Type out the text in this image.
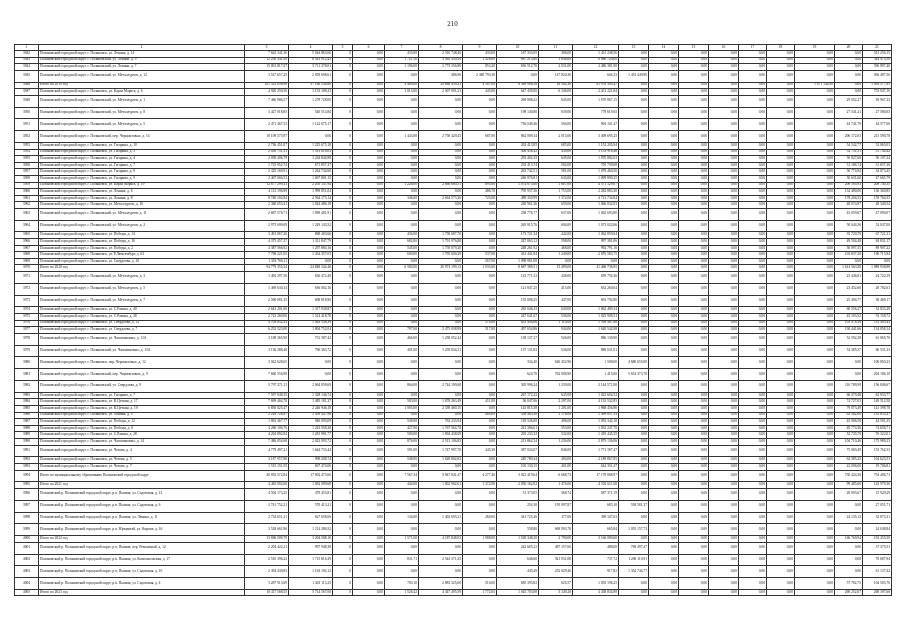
210
1	2	3	4	5	6	7	8	9	10	11	12	13	14	15	16	17	18	19	20	21	
3942	Поляновский городской округ, г. Поляновск, ул. Ленина, д. 14	7 642 341,36	5 044 863,66	0	0,00	433,00	2 310 748,46	433,00	167 333,05	306,00	1 431 248,56	0,00	0,00	0,00	0,00	0,00	0,00	0,00	0,00	541 256,15	
3943	Поляновский городской округ, г. Поляновский, ул. Ленина, д. 9	12 250 341,50	6 543 912,43	0	0,00	1 721,50	3 365 450,50	1 326,00	987 213,60	1 046,00	8 086 720,00	0,00	0,00	0,00	0,00	0,00	0,00	0,00	0,00	344 973,50	
3944	Поляновский городской округ, г. Поляновский, ул. Ленина, д. 7	15 001 817,57	5 711 378,01	0	0,00	1 196,00	3 775 356,80	853,20	656 512,76	2 031,00	2 486 381,90	0,00	0,00	0,00	0,00	0,00	0,00	0,00	0,00	596 897,40	
3945	Поляновский городской округ, г. Поляновский, ул. Металлургов, д. 12	3 527 657,25	2 059 698,61	0	0,00	0,00	486,90	2 380 793,30	0,00	147 820,30	604,33	1 433 449,90	0,00	0,00	0,00	0,00	0,00	0,00	0,00	036 497,56	
3946	Итого по 2019 год	101 314 056,90	37 160 536,80	0	0,00	4 469,00	29 868 439,23	4 167,00	6 389 908,58	18 562,30	61 976 303,47	0,00	0,00	0,00	0,00	0,00	0,00	1 671 144,90	0,00	1 094 577,85	
3947	Поляновский городской округ, г. Поляновск, ул. Карла Маркса, д. 6	4 920 250,56	1 153 188,23	0	0,00	1 013,00	2 307 001,21	445,00	647 439,00	6 346,00	2 431 221,84	0,00	0,00	0,00	0,00	0,00	0,00	0,00	0,00	753 947,10	
3948	Поляновский городской округ, г. Поляновский, ул. Металлургов, д. 1	7 466 986,57	1 278 728,00	0	0,00	0,00	0,00	0,00	269 808,42	645,00	1 670 867,15	0,00	0,00	0,00	0,00	0,00	0,00	0,00	29 052,27	39 967,25	
3950	Поляновский городской округ, г. Поляновский, ул. Металлургов, д. 8	3 427 018,85	540 514,84	0	0,00	0,00	0,00	0,00	198 140,80	639,00	778 619,65	0,00	0,00	0,00	0,00	0,00	0,00	0,00	27 541,21	27 580,05	
3951	Поляновский городской округ, г. Поляновский, ул. Металлургов, д. 5	2 471 467,53	1 122 675,17	0	0,00	0,00	0,00	0,00	756 049,46	594,00	904 101,47	0,00	0,00	0,00	0,00	0,00	0,00	0,00	44 741,79	44 577,60	
3952	Поляновский городской округ, г. Поляновский, пер. Чермонтовых, д. 14	10 109 575,97	0,00	0	0,00	1 443,00	2 758 429,45	687,00	862 009,34	2 015,00	3 409 695,25	0,00	0,00	0,00	0,00	0,00	0,00	0,00	206 172,03	213 590,78	
3953	Поляновский городской округ, г. Поляновск, ул. Гагарина, д. 10	2 736 451,07	1 225 675,18	0	0,00	0,00	0,00	0,00	263 413,85	685,00	1 152 205,94	0,00	0,00	0,00	0,00	0,00	0,00	0,00	54 542,77	52 065,03	
3954	Поляновский городской округ, г. Поляновск, ул. Гагарина, д. 3	2 050 751,31	1 313 016,03	0	0,00	0,00	0,00	0,00	306 458,42	430,00	1 133 916,46	0,00	0,00	0,00	0,00	0,00	0,00	0,00	52 731,51	51 744,42	
3955	Поляновский городской округ, г. Поляновск, ул. Гагарина, д. 4	2 058 406,79	1 234 844,98	0	0,00	0,00	0,00	0,00	292 402,43	645,00	1 070 882,63	0,00	0,00	0,00	0,00	0,00	0,00	0,00	50 027,60	50 107,24	
3956	Поляновский городской округ, г. Поляновск, ул. Гагарина, д. 7	1 725 952,74	671 857,37	0	0,00	0,00	0,00	0,00	233 413,74	502,00	705 739,08	0,00	0,00	0,00	0,00	0,00	0,00	0,00	31 186,74	31 657,26	
3957	Поляновский городской округ, г. Поляновск, ул. Гагарина, д. 8	2 325 160,91	1 262 744,60	0	0,00	0,00	0,00	0,00	263 742,51	581,00	1 078 460,50	0,00	0,00	0,00	0,00	0,00	0,00	0,00	50 774,84	54 873,45	
3958	Поляновский городской округ, г. Поляновск, ул. Гагарина, д. 9	2 407 004,53	1 067 801,15	0	0,00	0,00	0,00	0,00	246 976,81	643,00	1 009 890,25	0,00	0,00	0,00	0,00	0,00	0,00	0,00	50 631,60	47 665,79	
3959	Поляновский городской округ, г. Поляновск, ул. Карла Маркса, д. 19	12 677 299,41	2 205 147,94	0	0,00	1 226,00	2 666 680,51	895,00	1 074 875,00	1 607,00	4 571 129,07	0,00	0,00	0,00	0,00	0,00	0,00	0,00	208 165,93	208 740,35	
3960	Поляновский городской округ, г. Поляновск, ул. Ленина, д. 6	4 113 196,89	1 999 851,04	0	0,00	0,00	0,00	486,70	795 937,36	1 753,00	2 282 883,30	0,00	0,00	0,00	0,00	0,00	0,00	0,00	134 480,00	136 360,85	
3961	Поляновский городской округ, г. Поляновск, ул. Ленина, д. 8	8 740 102,84	2 564 175,14	0	0,00	346,00	2 664 573,36	723,00	489 350,99	1 372,00	4 721 734,84	0,00	0,00	0,00	0,00	0,00	0,00	0,00	178 204,53	178 764,55	
3962	Поляновский городской округ, г. Поляновск, ул. Металлургов, д. 10	2 360 653,41	1 044 486,18	0	0,00	0,00	0,00	0,00	248 961,36	659,00	1 066 032,03	0,00	0,00	0,00	0,00	0,00	0,00	0,00	48 074,87	48 340,54	
3963	Поляновский городской округ, г. Поляновский, ул. Металлургов, д. 11	2 687 576,71	1 099 481,91	0	0,00	0,00	0,00	0,00	238 776,77	637,00	1 062 693,80	0,00	0,00	0,00	0,00	0,00	0,00	0,00	43 059,67	47 090,07	
3964	Поляновский городской округ, г. Поляновский, ул. Металлургов, д. 2	2 975 699,09	1 229 143,52	0	0,00	0,00	0,00	0,00	265 915,76	604,00	1 073 022,66	0,00	0,00	0,00	0,00	0,00	0,00	0,00	50 644,36	52 047,00	
3965	Поляновский городской округ, г. Поляновск, ул. Победы, д. 14	3 491 067,20	868 403,66	0	0,00	436,00	1 758 687,70	0,00	173 721,34	442,00	1 062 859,04	0,00	0,00	0,00	0,00	0,00	0,00	0,00	35 720,79	67 721,31	
3966	Поляновский городской округ, г. Поляновск, ул. Победы, д. 16	4 375 457,37	1 311 847,79	0	0,00	682,00	1 791 976,88	0,00	247 063,12	598,00	997 381,06	0,00	0,00	0,00	0,00	0,00	0,00	0,00	49 504,48	84 831,17	
3967	Поляновский городской округ, г. Поляновск, ул. Победы, д. 2	4 387 566,92	1 297 860,16	0	0,00	545,00	1 739 079,20	0,00	248 261,92	468,00	992 791,16	0,00	0,00	0,00	0,00	0,00	0,00	0,00	50 097,55	89 907,22	
3968	Поляновский городской округ, г. Поляновск, ул. Р.Люксембург, д. 63	7 798 221,05	1 434 357,05	0	0,00	600,00	1 795 600,29	537,00	412 441,84	1 249,00	2 876 583,75	0,00	0,00	0,00	0,00	0,00	0,00	0,00	103 837,20	190 715,84	
3969	Поляновский городской округ, г. Поляновск, ул. Свердлова, д. 10	1 318 766,11	0,00	0	0,00	0,00	0,00	567,00	1 098 961,00	0,00	0,00	0,00	0,00	0,00	0,00	0,00	0,00	0,00	0,00	0,00	
3970	Итого по 2020 год	94 779 355,34	24 848 342,46	0	0,00	6 584,00	20 973 199,13	1 933,60	8 687 389,51	15 499,00	41 466 736,95	0,00	0,00	0,00	0,00	0,00	0,00	0,00	1 614 563,88	1 989 938,88	
3971	Поляновский городской округ, г. Поляновский, ул. Металлургов, д. 3	1 492 297,50	636 472,49	0	0,00	0,00	0,00	0,00	123 771,23	438,00	659 792,36	0,00	0,00	0,00	0,00	0,00	0,00	0,00	23 446,81	24 722,19	
3972	Поляновский городской округ, г. Поляновский, ул. Металлургов, д. 5	1 469 630,34	636 002,16	0	0,00	0,00	0,00	0,00	121 847,25	415,00	652 260,04	0,00	0,00	0,00	0,00	0,00	0,00	0,00	23 452,60	28 782,61	
3973	Поляновский городской округ, г. Поляновский, ул. Металлургов, д. 7	2 500 081,35	608 818,90	0	0,00	0,00	0,00	0,00	135 808,25	447,00	693 792,80	0,00	0,00	0,00	0,00	0,00	0,00	0,00	25 494,77	38 469,17	
3974	Поляновский городской округ, г. Поляновск, ул. С.Разина, д. 40	2 643 201,06	1 317 938,87	0	0,00	0,00	0,00	0,00	265 046,43	640,00	1 062 489,34	0,00	0,00	0,00	0,00	0,00	0,00	0,00	60 556,27	52 833,28	
3975	Поляновский городской округ, г. Поляновск, ул. С.Разина, д. 38	2 723 269,06	1 314 418,78	0	0,00	0,00	0,00	0,00	247 641,67	536,00	1 025 908,31	0,00	0,00	0,00	0,00	0,00	0,00	0,00	45 103,52	53 158,72	
3976	Поляновский городской округ, г. Поляновск, ул. Свердлова, д. 12	4 704 852,43	1 463 538,39	0	0,00	0,00	0,00	574,00	653 494,66	1 110,00	1 599 467,80	0,00	0,00	0,00	0,00	0,00	0,00	0,00	103 478,56	113 493,43	
3977	Поляновский городской округ, г. Поляновск, ул. Свердлова, д. 7	6 233 523,00	1 804 752,04	0	0,00	797,00	2 475 038,99	517,00	497 654,86	944,00	1 620 542,98	0,00	0,00	0,00	0,00	0,00	0,00	0,00	130 441,66	134 058,14	
3978	Поляновский городской округ, г. Поляновск, ул. Чапплиновых, д. 11А	3 108 365,90	731 387,42	0	0,00	466,00	1 238 052,44	0,00	138 137,27	526,00	886 130,90	0,00	0,00	0,00	0,00	0,00	0,00	0,00	52 592,28	61 065,70	
3979	Поляновский городской округ, г. Поляновский, ул. Чапплиновых, д. 13А	3 136 288,40	790 363,72	0	0,00	401,00	1 239 834,31	0,00	137 131,83	536,00	889 031,81	0,00	0,00	0,00	0,00	0,00	0,00	0,00	52 385,37	60 531,33	
3980	Поляновский городской округ, г. Поляновск, пер. Чермонтовых, д. 12	3 042 628,65	0,00	0	0,00	0,00	0,00	0,00	334,40	626 452,96	1 508,00	4 680 655,00	0,00	0,00	0,00	0,00	0,00	0,00	0,00	106 850,23	
3981	Поляновский городской округ, г. Поляновский, пер. Чермонтовых, д. 9	7 660 556,98	0,00	0	0,00	0,00	0,00	0,00	624,70	762 008,90	1 415,00	5 652 373,70	0,00	0,00	0,00	0,00	0,00	0,00	0,00	204 186,10	
3982	Поляновский городской округ, г. Поляновский, ул. Свердлова, д. 9	5 797 271,11	2 064 858,69	0	0,00	864,00	2 744 190,68	0,00	305 996,24	1 239,00	2 144 571,80	0,00	0,00	0,00	0,00	0,00	0,00	0,00	116 789,99	156 846,67	
3983	Поляновский городской округ, г. Поляновск, ул. Гагарина, д. 7	7 597 048,35	1 328 146,74	0	0,00	0,00	0,00	0,00	267 172,42	645,00	1 022 604,52	0,00	0,00	0,00	0,00	0,00	0,00	0,00	66 379,48	63 933,77	
3984	Поляновский городской округ, г. Поляновск, ул. К.Цеткин, д. 17	7 699 464,70	1 485 181,37	0	0,00	583,00	1 878 263,49	411,00	36 047,06	2 297,00	4 133 532,85	0,00	0,00	0,00	0,00	0,00	0,00	0,00	74 727,03	149 512,50	
3985	Поляновский городской округ, г. Поляновск, ул. К.Цеткин, д. 19	6 850 025,47	2 246 946,18	0	0,00	1 005,00	2 339 460,15	0,00	143 815,38	1 201,00	1 968 456,86	0,00	0,00	0,00	0,00	0,00	0,00	0,00	79 073,49	141 398,78	
3986	Поляновский городской округ, г. Поляновск, ул. Ленина, д. 5	2 229 728,87	1 459 447,96	0	0,00	0,00	0,00	469,00	358 483,30	1 176,00	1 499 857,33	0,00	0,00	0,00	0,00	0,00	0,00	0,00	63 382,00	135 835,47	
3987	Поляновский городской округ, г. Поляновск, ул. Победы, д. 12	1 863 467,77	940 093,09	0	0,00	549,00	763 233,94	0,00	118 526,00	496,00	1 092 342,10	0,00	0,00	0,00	0,00	0,00	0,00	0,00	45 006,50	44 591,35	
3988	Поляновский городской округ, г. Поляновск, ул. Победы, д. 8	4 260 106,76	1 243 558,28	0	0,00	427,00	1 767 564,70	0,00	241 306,61	553,00	1 033 247,70	0,00	0,00	0,00	0,00	0,00	0,00	0,00	49 774,36	74 658,71	
3989	Поляновский городской округ, г. Поляновск, ул. С.Разина, д. 28	4 204 892,84	1 281 981,77	0	0,00	500,00	1 804 438,09	0,00	203 233,32	532,00	1 419 445,35	0,00	0,00	0,00	0,00	0,00	0,00	0,00	52 735,79	76 322,01	
3990	Поляновский городской округ, г. Поляновск, ул. Чапплиновых, д. 14	7 486 054,68	2 023 993,72	0	0,00	876,00	2 513 106,85	0,00	213 862,54	1 236,00	2 879 136,06	0,00	0,00	0,00	0,00	0,00	0,00	0,00	104 710,46	175 989,23	
3991	Поляновский городской округ, г. Поляновск, ул. Чехова, д. 4	4 779 497,21	1 644 733,44	0	0,00	591,00	1 747 997,70	445,30	387 024,07	846,00	1 771 397,47	0,00	0,00	0,00	0,00	0,00	0,00	0,00	75 069,49	153 762,53	
3992	Поляновский городской округ, г. Поляновск, ул. Чехова, д. 5	3 187 957,88	998 208,74	0	0,00	548,00	1 620 802,02	0,00	249 780,34	494,00	2 189 867,85	0,00	0,00	0,00	0,00	0,00	0,00	0,00	62 385,25	104 623,53	
3993	Поляновский городской округ, г. Поляновск, ул. Чехова, д. 7	1 515 151,55	607 474,06	0	0,00	0,00	0,00	0,00	105 130,15	401,00	644 351,47	0,00	0,00	0,00	0,00	0,00	0,00	0,00	22 006,00	19 706,81	
3994	Итого по муниципальному образованию Поляновский городской округ	40 835 372,84	17 002 473,60	0	0,00	7 567,34	9 947 841,47	4 277,40	3 023 419,64	6 668,73	17 178 068,97	0,00	0,00	0,00	0,00	0,00	0,00	0,00	730 424,36	754 406,73	
3995	Итого по 2021 год	4 465 902,60	1 692 089,68	0	0,00	444,00	1 802 962,61	1 372,00	2 030 162,02	1 476,00	4 502 611,00	0,00	0,00	0,00	0,00	0,00	0,00	0,00	99 485,60	143 979,36	
3996	Поляновский р. Поляновский городской округ, р.п. Пышма, ул. Садовская, д. 12	4 504 173,25	479 453,81	0	0,00	0,00	0,00	0,00	51 373,05	368,74	587 371,19	0,00	0,00	0,00	0,00	0,00	0,00	0,00	28 093,67	15 929,29	
3997	Поляновский р. Поляновский городской округ, р.п. Пышма, ул. Садовская, д. 6	2 741 752,21	570 413,21	0	0,00	0,00	0,00	0,00	254 30	195 097,87	685,10	538 581,37	0,00	0,00	0,00	0,00	0,00	0,00	0,00	27 051,71	
3998	Поляновский р. Поляновский городской округ, р.п. Пышма, ул. Ленина, д. 11	2 734 651,21	627 658,06	0	0,00	134,00	1 402 693,21	260,00	341 723,26	377,00	399 347,63	0,00	0,00	0,00	0,00	0,00	0,00	0,00	24 135,12	52 873,31	
3999	Поляновский р. Поляновский городской округ, р.п. Юрмантай, ул. Кирова, д. 16	3 528 661,86	1 214 286,52	0	0,00	0,00	0,00	0,00	558,80	669 903,78	665,84	1 055 157,73	0,00	0,00	0,00	0,00	0,00	0,00	0,00	24 048,84	
4000	Итого по 2022 год	13 696 509,79	3 204 588,10	0	0,00	1 571,00	4 187 848,03	1 988,00	1 528 348,20	2 790,00	3 166 080,60	0,00	0,00	0,00	0,00	0,00	0,00	0,00	166 760,94	192 253,59	
4001	Поляновский р. Поляновский городской округ, р.п. Пышма, пер. Ремонтный, д. 12	2 204 422,21	997 948,38	0	0,00	0,00	0,00	0,00	242 605,22	487 157,60	488,00	769 497,47	0,00	0,00	0,00	0,00	0,00	0,00	0,00	37 375,53	
4002	Поляновский р. Поляновский городской округ, р.п. Пышма, ул. Комсомольская, д. 17	2 510 396,22	1 715 816,39	0	0,00	831,71	2 544 371,25	0,00	646,60	921 931,08	737,72	1 206 110,91	0,00	0,00	0,00	0,00	0,00	0,00	0,00	78 687,94	
4003	Поляновский р. Поляновский городской округ, р.п. Пышма, ул. Садовская, д. 10	2 394 430,83	1 163 192,12	0	0,00	0,00	0,00	0,00	445,49	252 829,46	917,82	1 354 744,77	0,00	0,00	0,00	0,00	0,00	0,00	0,00	61 137,42	
4004	Поляновский р. Поляновский городской округ, р.п. Пышма, ул. Садовская, д. 4	3 287 913,69	1 401 113,25	0	0,00	703,10	2 883 325,60	516,00	685 393,82	625,57	1 035 196,25	0,00	0,00	0,00	0,00	0,00	0,00	0,00	57 782,75	104 503,76	
4005	Итого по 2023 год	10 417 568,55	5 714 567,00	0	0,00	1 526,42	4 347 495,59	1 772,65	1 045 703,08	3 349,20	4 438 834,98	0,00	0,00	0,00	0,00	0,00	0,00	0,00	269 252,67	268 397,60	
